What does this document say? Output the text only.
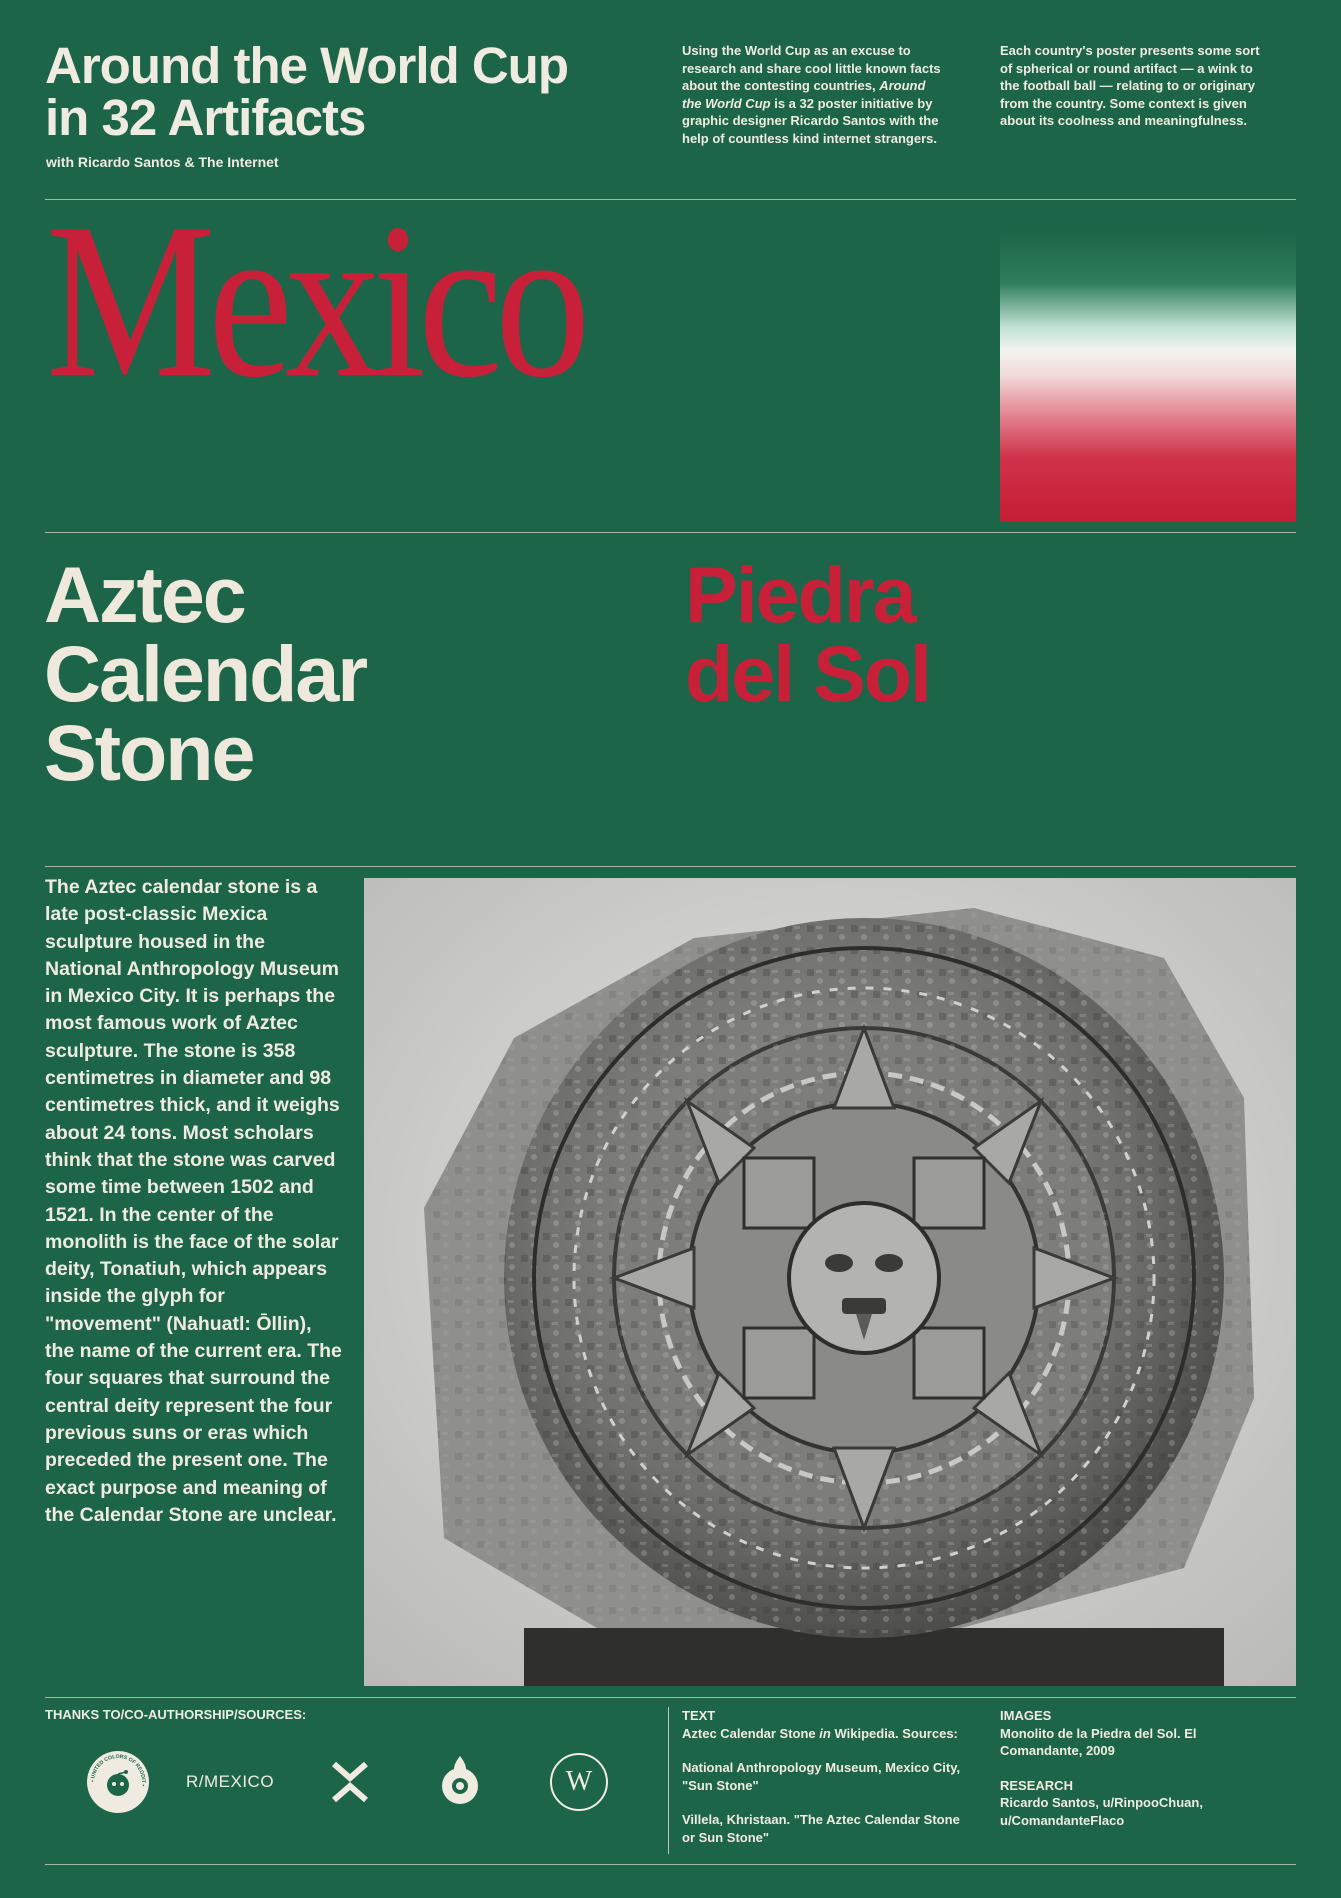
Around the World Cup
in 32 Artifacts
with Ricardo Santos & The Internet
Using the World Cup as an excuse to research and share cool little known facts about the contesting countries, Around the World Cup is a 32 poster initiative by graphic designer Ricardo Santos with the help of countless kind internet strangers.
Each country's poster presents some sort of spherical or round artifact — a wink to the football ball — relating to or originary from the country. Some context is given about its coolness and meaningfulness.
Mexico
Aztec
Calendar
Stone
Piedra
del Sol
The Aztec calendar stone is a late post-classic Mexica sculpture housed in the National Anthropology Museum in Mexico City. It is perhaps the most famous work of Aztec sculpture. The stone is 358 centimetres in diameter and 98 centimetres thick, and it weighs about 24 tons. Most scholars think that the stone was carved some time between 1502 and 1521. In the center of the monolith is the face of the solar deity, Tonatiuh, which appears inside the glyph for "movement" (Nahuatl: Ōllin), the name of the current era. The four squares that surround the central deity represent the four previous suns or eras which preceded the present one. The exact purpose and meaning of the Calendar Stone are unclear.
THANKS TO/CO-AUTHORSHIP/SOURCES:
• UNITED COLORS OF REDDIT • R/MEXICO	W

TEXT

Aztec Calendar Stone in Wikipedia. Sources:

National Anthropology Museum, Mexico City, "Sun Stone"

Villela, Khristaan. "The Aztec Calendar Stone or Sun Stone"

IMAGES

Monolito de la Piedra del Sol. El Comandante, 2009

RESEARCH

Ricardo Santos, u/RinpooChuan, u/ComandanteFlaco
